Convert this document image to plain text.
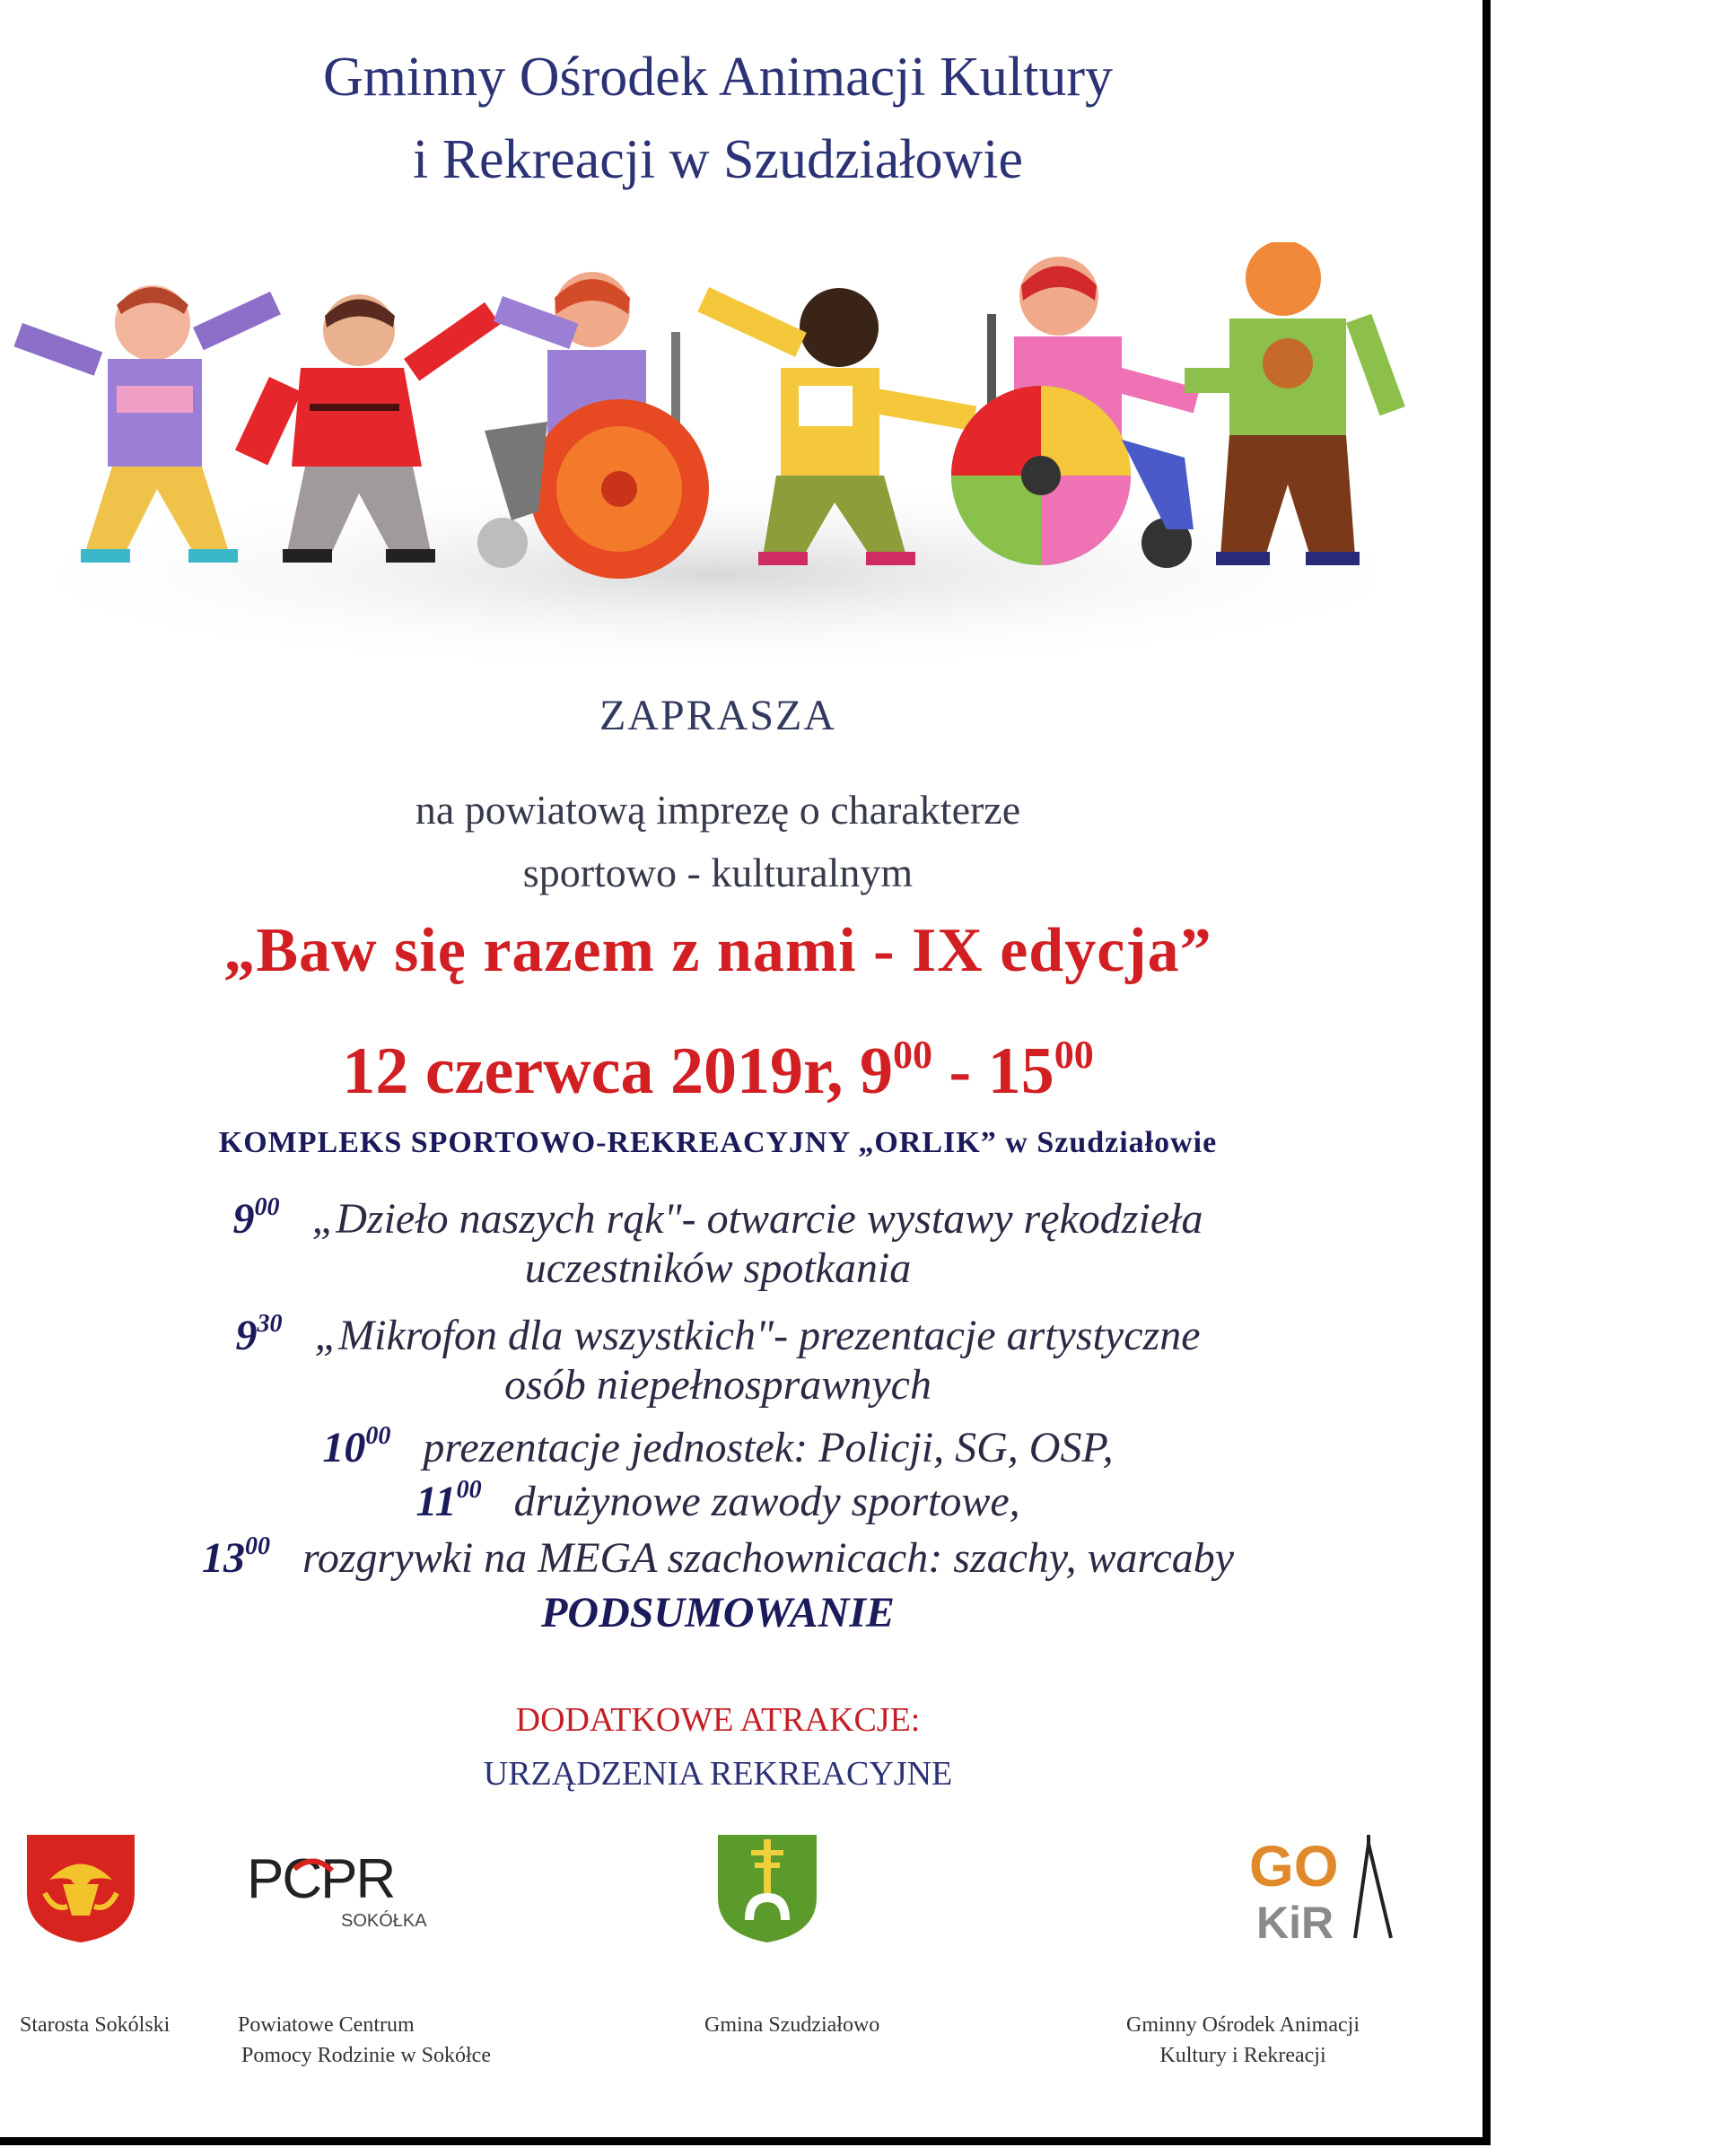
Gminny Ośrodek Animacji Kultury
i Rekreacji w Szudziałowie
ZAPRASZA
na powiatową imprezę o charakterze
sportowo - kulturalnym
„Baw się razem z nami - IX edycja”
12 czerwca 2019r, $9^{00} - 15^{00}$
KOMPLEKS SPORTOWO-REKREACYJNY „ORLIK” w Szudziałowie
$9^{00}$ „Dzieło naszych rąk"- otwarcie wystawy rękodzieła
uczestników spotkania
$9^{30}$ „Mikrofon dla wszystkich"- prezentacje artystyczne
osób niepełnosprawnych
$10^{00}$ prezentacje jednostek: Policji, SG, OSP,
$11^{00}$ drużynowe zawody sportowe,
$13^{00}$ rozgrywki na MEGA szachownicach: szachy, warcaby
PODSUMOWANIE
DODATKOWE ATRAKCJE:
URZĄDZENIA REKREACYJNE
PCPR
SOKÓŁKA
GO
KiR
Starosta Sokólski	Powiatowe Centrum
Pomocy Rodzinie w Sokółce
Gmina Szudziałowo	Gminny Ośrodek Animacji
Kultury i Rekreacji
